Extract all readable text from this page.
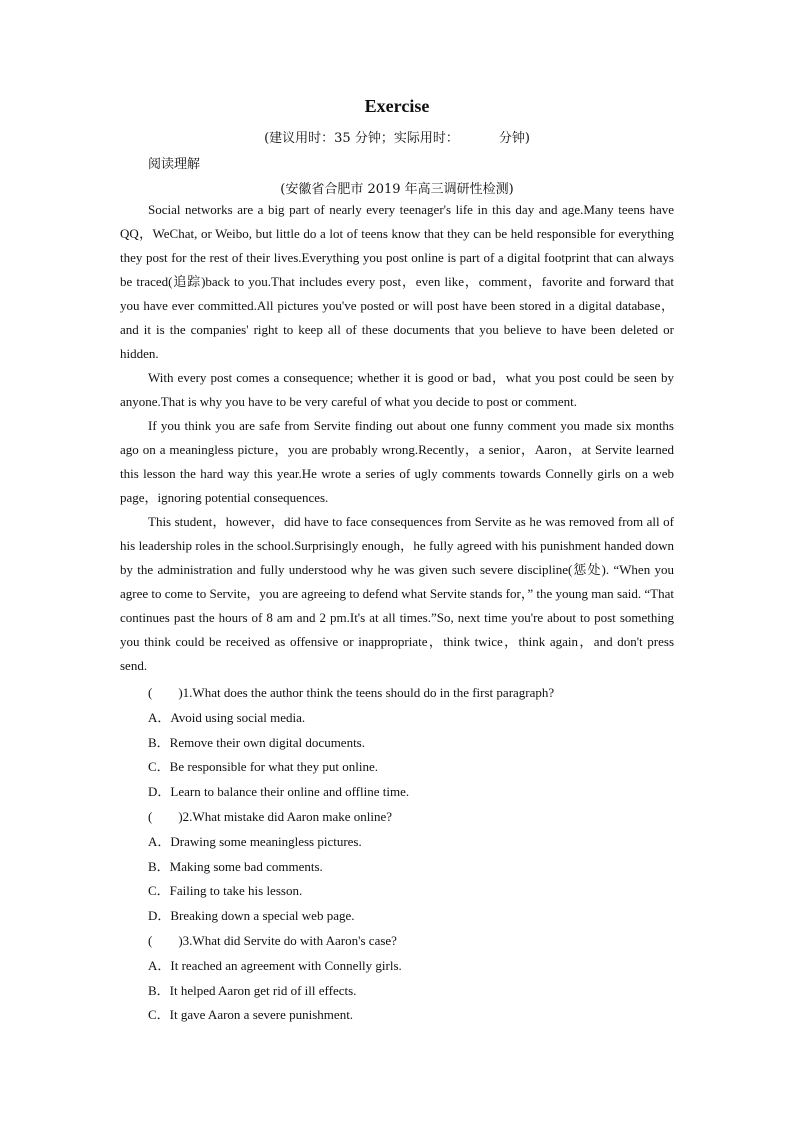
Exercise
(建议用时：35 分钟；实际用时：	分钟)
阅读理解
(安徽省合肥市 2019 年高三调研性检测)

Social networks are a big part of nearly every teenager's life in this day and age.Many teens have QQ，WeChat, or Weibo, but little do a lot of teens know that they can be held responsible for everything they post for the rest of their lives.Everything you post online is part of a digital footprint that can always be traced(追踪)back to you.That includes every post，even like，comment，favorite and forward that you have ever committed.All pictures you've posted or will post have been stored in a digital database，and it is the companies' right to keep all of these documents that you believe to have been deleted or hidden.

With every post comes a consequence; whether it is good or bad，what you post could be seen by anyone.That is why you have to be very careful of what you decide to post or comment.

If you think you are safe from Servite finding out about one funny comment you made six months ago on a meaningless picture，you are probably wrong.Recently，a senior，Aaron，at Servite learned this lesson the hard way this year.He wrote a series of ugly comments towards Connelly girls on a web page，ignoring potential consequences.

This student，however，did have to face consequences from Servite as he was removed from all of his leadership roles in the school.Surprisingly enough，he fully agreed with his punishment handed down by the administration and fully understood why he was given such severe discipline(惩处). “When you agree to come to Servite，you are agreeing to defend what Servite stands for，” the young man said. “That continues past the hours of 8 am and 2 pm.It's at all times.”So, next time you're about to post something you think could be received as offensive or inappropriate，think twice，think again，and don't press send.

( )1.What does the author think the teens should do in the first paragraph?
A．Avoid using social media.
B．Remove their own digital documents.
C．Be responsible for what they put online.
D．Learn to balance their online and offline time.
( )2.What mistake did Aaron make online?
A．Drawing some meaningless pictures.
B．Making some bad comments.
C．Failing to take his lesson.
D．Breaking down a special web page.
( )3.What did Servite do with Aaron's case?
A．It reached an agreement with Connelly girls.
B．It helped Aaron get rid of ill effects.
C．It gave Aaron a severe punishment.
